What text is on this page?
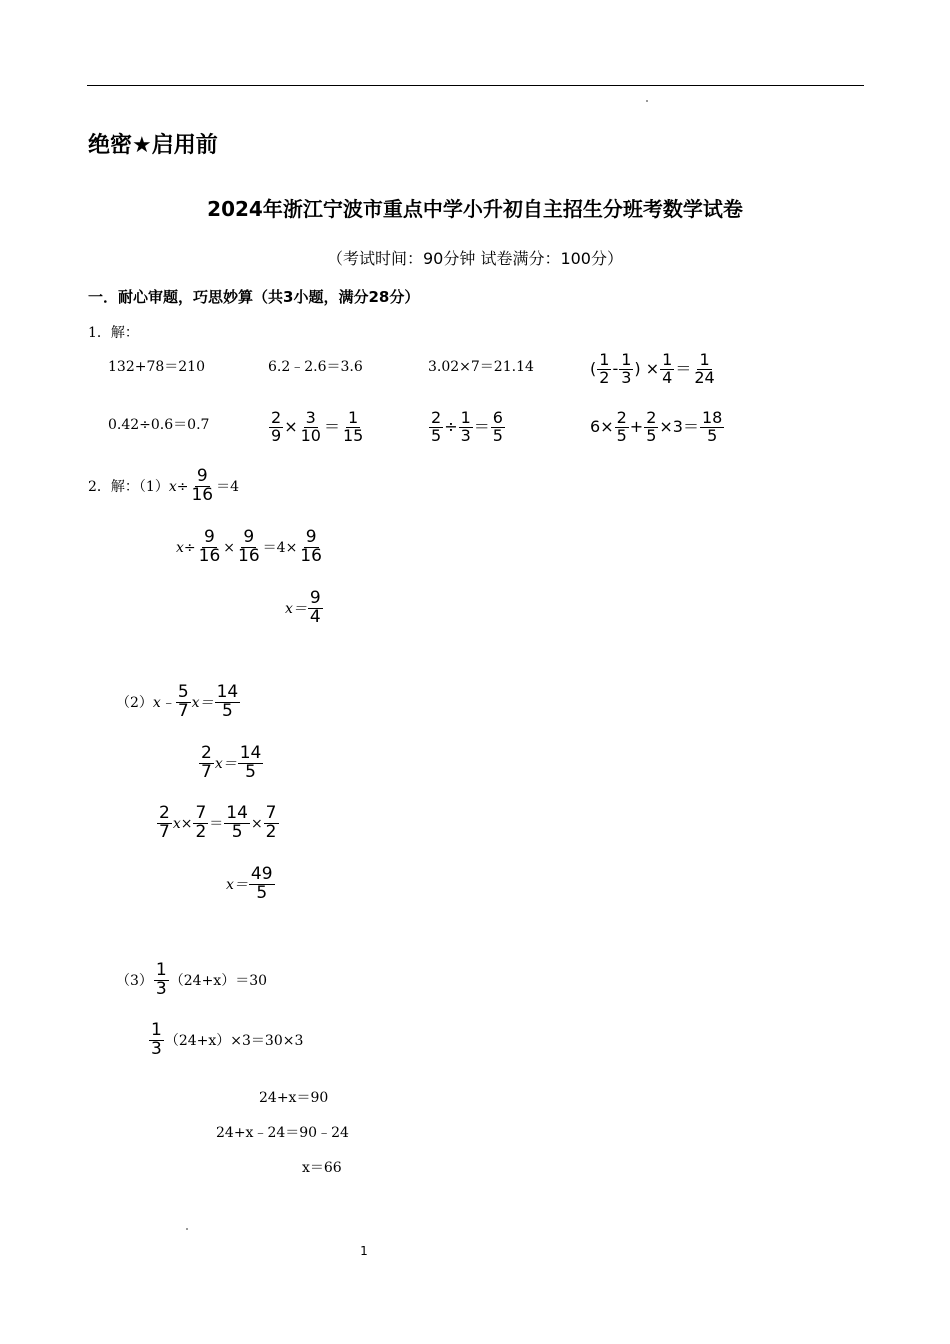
绝密★启用前
2024年浙江宁波市重点中学小升初自主招生分班考数学试卷
（考试时间：90分钟 试卷满分：100分）
一．耐心审题，巧思妙算（共3小题，满分28分）
1．解：
132+78＝210	6.2﹣2.6＝3.6	3.02×7＝21.14	( $\frac{1}{2} - \frac{1}{3}$ ) × $\frac{1}{4} = \frac{1}{24}$
0.42÷0.6＝0.7	$\frac{2}{9} \times \frac{3}{10} = \frac{1}{15}$	$\frac{2}{5} \div \frac{1}{3} = \frac{6}{5}$	$6\times \frac{2}{5} + \frac{2}{5} \times 3= \frac{18}{5}$
2．解：$(1)x\div \frac{9}{16} =4$
$x\div \frac{9}{16} \times \frac{9}{16} =4\times \frac{9}{16}$
$x= \frac{9}{4}$
（2）x﹣ $\frac{5}{7} x= \frac{14}{5}$
$\frac{2}{7} x= \frac{14}{5}$
$\frac{2}{7} x\times \frac{7}{2} = \frac{14}{5} \times \frac{7}{2}$
$x= \frac{49}{5}$
$(3) \frac{1}{3} (24+x)=30$
$\frac{1}{3} (24+x)\times 3=30\times 3$
24+x＝90
24+x﹣24＝90﹣24
x＝66
1
